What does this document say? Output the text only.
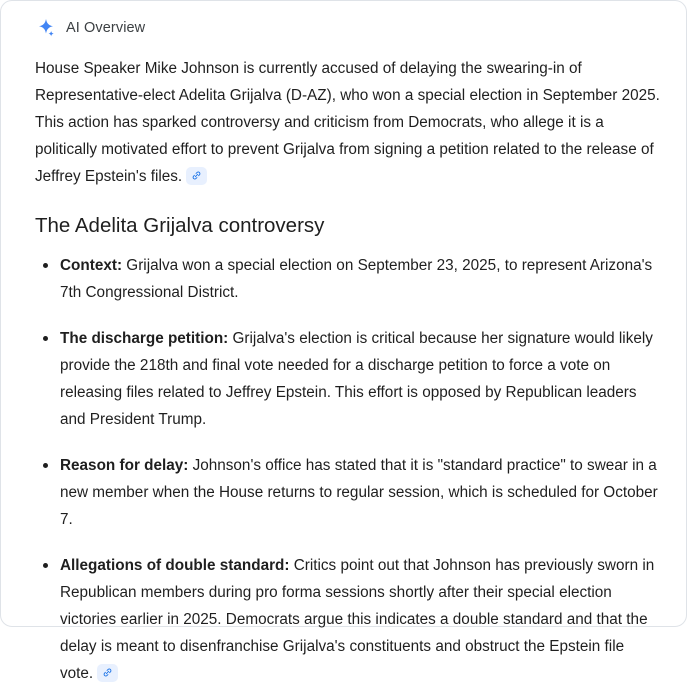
AI Overview

House Speaker Mike Johnson is currently accused of delaying the swearing-in of Representative-elect Adelita Grijalva (D-AZ), who won a special election in September 2025. This action has sparked controversy and criticism from Democrats, who allege it is a politically motivated effort to prevent Grijalva from signing a petition related to the release of Jeffrey Epstein's files.

The Adelita Grijalva controversy
Context: Grijalva won a special election on September 23, 2025, to represent Arizona's 7th Congressional District.
The discharge petition: Grijalva's election is critical because her signature would likely provide the 218th and final vote needed for a discharge petition to force a vote on releasing files related to Jeffrey Epstein. This effort is opposed by Republican leaders and President Trump.
Reason for delay: Johnson's office has stated that it is "standard practice" to swear in a new member when the House returns to regular session, which is scheduled for October 7.
Allegations of double standard: Critics point out that Johnson has previously sworn in Republican members during pro forma sessions shortly after their special election victories earlier in 2025. Democrats argue this indicates a double standard and that the delay is meant to disenfranchise Grijalva's constituents and obstruct the Epstein file vote.
